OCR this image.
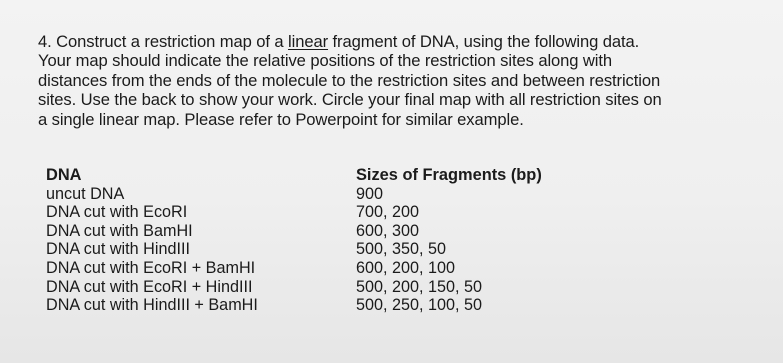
4. Construct a restriction map of a linear fragment of DNA, using the following data.

Your map should indicate the relative positions of the restriction sites along with

distances from the ends of the molecule to the restriction sites and between restriction

sites. Use the back to show your work. Circle your final map with all restriction sites on

a single linear map. Please refer to Powerpoint for similar example.

DNA	Sizes of Fragments (bp)
uncut DNA	900
DNA cut with EcoRI	700, 200
DNA cut with BamHI	600, 300
DNA cut with HindIII	500, 350, 50
DNA cut with EcoRI + BamHI	600, 200, 100
DNA cut with EcoRI + HindIII	500, 200, 150, 50
DNA cut with HindIII + BamHI	500, 250, 100, 50
